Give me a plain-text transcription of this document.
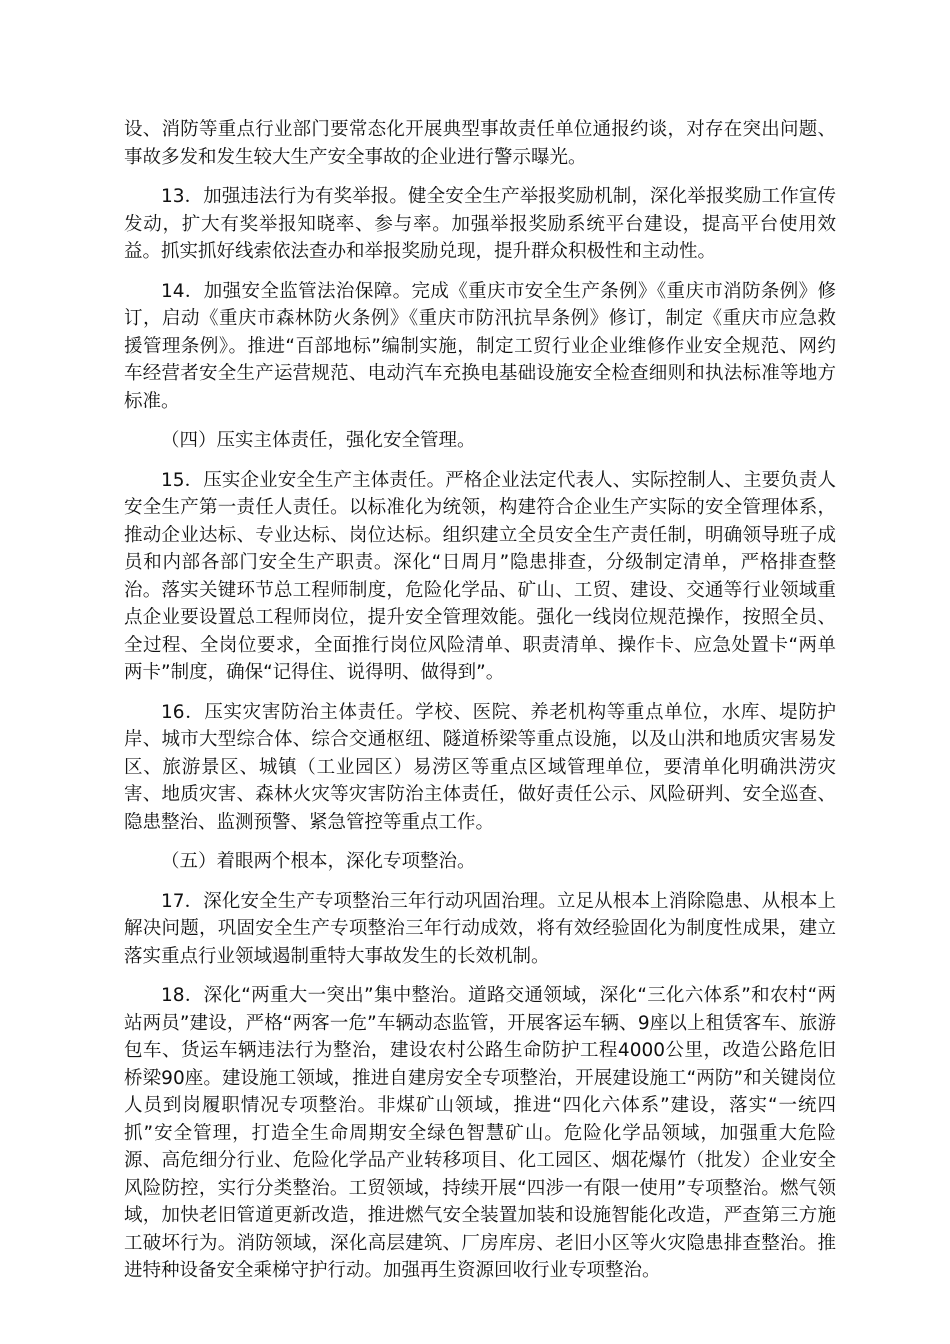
设、消防等重点行业部门要常态化开展典型事故责任单位通报约谈，对存在突出问题、事故多发和发生较大生产安全事故的企业进行警示曝光。

13．加强违法行为有奖举报。健全安全生产举报奖励机制，深化举报奖励工作宣传发动，扩大有奖举报知晓率、参与率。加强举报奖励系统平台建设，提高平台使用效益。抓实抓好线索依法查办和举报奖励兑现，提升群众积极性和主动性。

14．加强安全监管法治保障。完成《重庆市安全生产条例》《重庆市消防条例》修订，启动《重庆市森林防火条例》《重庆市防汛抗旱条例》修订，制定《重庆市应急救援管理条例》。推进“百部地标”编制实施，制定工贸行业企业维修作业安全规范、网约车经营者安全生产运营规范、电动汽车充换电基础设施安全检查细则和执法标准等地方标准。

（四）压实主体责任，强化安全管理。

15．压实企业安全生产主体责任。严格企业法定代表人、实际控制人、主要负责人安全生产第一责任人责任。以标准化为统领，构建符合企业生产实际的安全管理体系，推动企业达标、专业达标、岗位达标。组织建立全员安全生产责任制，明确领导班子成员和内部各部门安全生产职责。深化“日周月”隐患排查，分级制定清单，严格排查整治。落实关键环节总工程师制度，危险化学品、矿山、工贸、建设、交通等行业领域重点企业要设置总工程师岗位，提升安全管理效能。强化一线岗位规范操作，按照全员、全过程、全岗位要求，全面推行岗位风险清单、职责清单、操作卡、应急处置卡“两单两卡”制度，确保“记得住、说得明、做得到”。

16．压实灾害防治主体责任。学校、医院、养老机构等重点单位，水库、堤防护岸、城市大型综合体、综合交通枢纽、隧道桥梁等重点设施，以及山洪和地质灾害易发区、旅游景区、城镇（工业园区）易涝区等重点区域管理单位，要清单化明确洪涝灾害、地质灾害、森林火灾等灾害防治主体责任，做好责任公示、风险研判、安全巡查、隐患整治、监测预警、紧急管控等重点工作。

（五）着眼两个根本，深化专项整治。

17．深化安全生产专项整治三年行动巩固治理。立足从根本上消除隐患、从根本上解决问题，巩固安全生产专项整治三年行动成效，将有效经验固化为制度性成果，建立落实重点行业领域遏制重特大事故发生的长效机制。

18．深化“两重大一突出”集中整治。道路交通领域，深化“三化六体系”和农村“两站两员”建设，严格“两客一危”车辆动态监管，开展客运车辆、9座以上租赁客车、旅游包车、货运车辆违法行为整治，建设农村公路生命防护工程4000公里，改造公路危旧桥梁90座。建设施工领域，推进自建房安全专项整治，开展建设施工“两防”和关键岗位人员到岗履职情况专项整治。非煤矿山领域，推进“四化六体系”建设，落实“一统四抓”安全管理，打造全生命周期安全绿色智慧矿山。危险化学品领域，加强重大危险源、高危细分行业、危险化学品产业转移项目、化工园区、烟花爆竹（批发）企业安全风险防控，实行分类整治。工贸领域，持续开展“四涉一有限一使用”专项整治。燃气领域，加快老旧管道更新改造，推进燃气安全装置加装和设施智能化改造，严查第三方施工破坏行为。消防领域，深化高层建筑、厂房库房、老旧小区等火灾隐患排查整治。推进特种设备安全乘梯守护行动。加强再生资源回收行业专项整治。
